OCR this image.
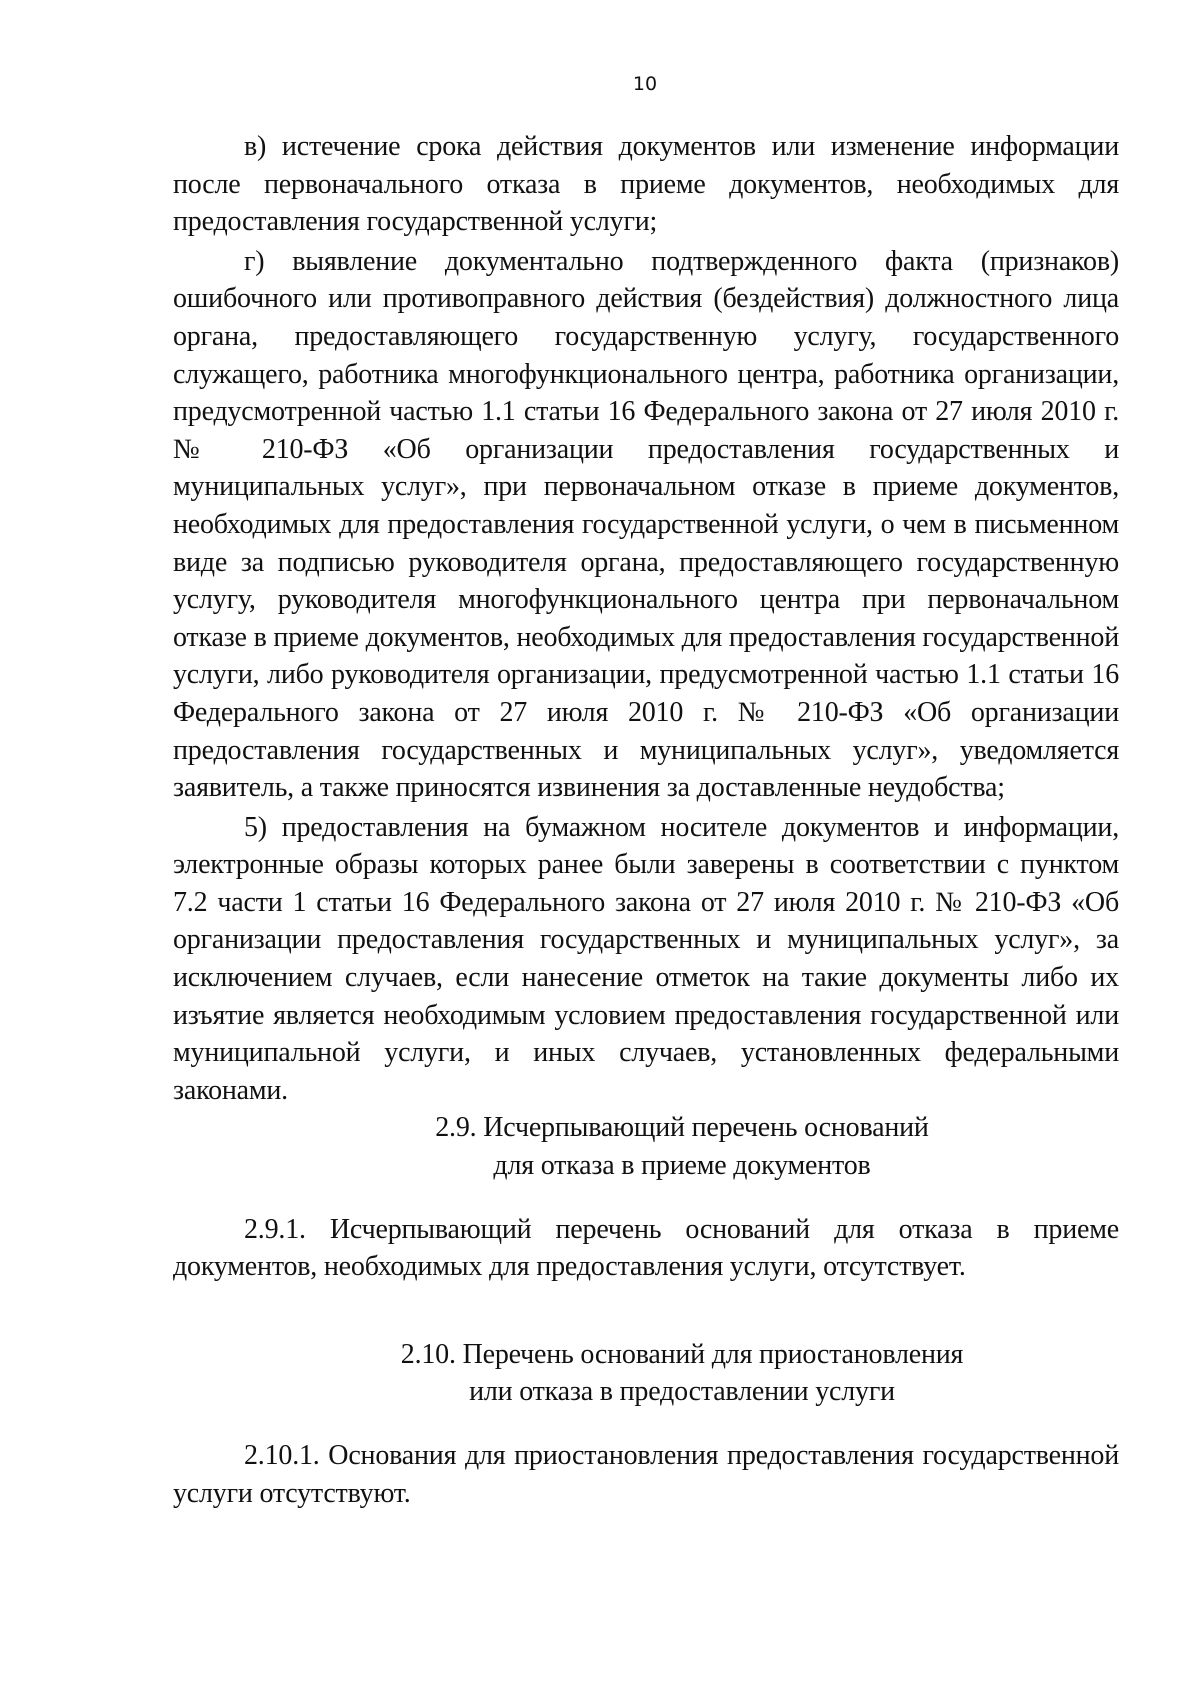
10

в) истечение срока действия документов или изменение информации после первоначального отказа в приеме документов, необходимых для предоставления государственной услуги;

г) выявление документально подтвержденного факта (признаков) ошибочного или противоправного действия (бездействия) должностного лица органа, предоставляющего государственную услугу, государственного служащего, работника многофункционального центра, работника организации, предусмотренной частью 1.1 статьи 16 Федерального закона от 27 июля 2010 г. № 210-ФЗ «Об организации предоставления государственных и муниципальных услуг», при первоначальном отказе в приеме документов, необходимых для предоставления государственной услуги, о чем в письменном виде за подписью руководителя органа, предоставляющего государственную услугу, руководителя многофункционального центра при первоначальном отказе в приеме документов, необходимых для предоставления государственной услуги, либо руководителя организации, предусмотренной частью 1.1 статьи 16 Федерального закона от 27 июля 2010 г. № 210-ФЗ «Об организации предоставления государственных и муниципальных услуг», уведомляется заявитель, а также приносятся извинения за доставленные неудобства;

5) предоставления на бумажном носителе документов и информации, электронные образы которых ранее были заверены в соответствии с пунктом 7.2 части 1 статьи 16 Федерального закона от 27 июля 2010 г. № 210-ФЗ «Об организации предоставления государственных и муниципальных услуг», за исключением случаев, если нанесение отметок на такие документы либо их изъятие является необходимым условием предоставления государственной или муниципальной услуги, и иных случаев, установленных федеральными законами.

2.9. Исчерпывающий перечень оснований
для отказа в приеме документов

2.9.1. Исчерпывающий перечень оснований для отказа в приеме документов, необходимых для предоставления услуги, отсутствует.

2.10. Перечень оснований для приостановления
или отказа в предоставлении услуги

2.10.1. Основания для приостановления предоставления государственной услуги отсутствуют.
